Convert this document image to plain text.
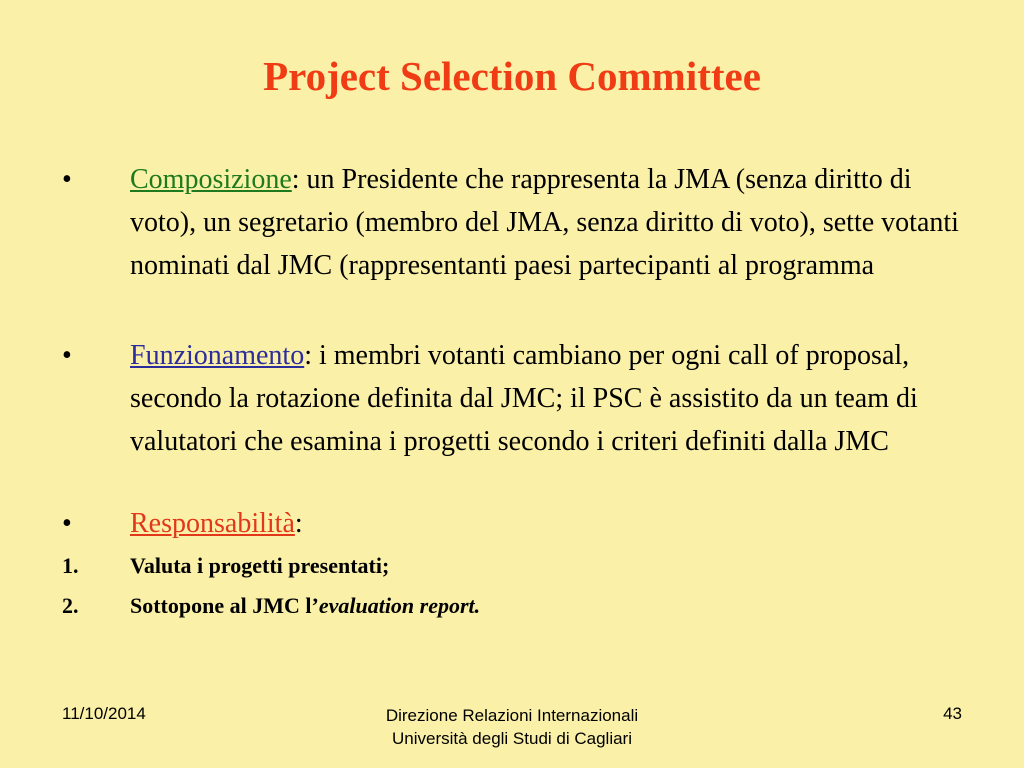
Project Selection Committee
• Composizione: un Presidente che rappresenta la JMA (senza diritto di voto), un segretario (membro del JMA, senza diritto di voto), sette votanti nominati dal JMC (rappresentanti paesi partecipanti al programma
• Funzionamento: i membri votanti cambiano per ogni call of proposal, secondo la rotazione definita dal JMC; il PSC è assistito da un team di valutatori che esamina i progetti secondo i criteri definiti dalla JMC
• Responsabilità:
1. Valuta i progetti presentati;
2. Sottopone al JMC l’evaluation report.
11/10/2014	Direzione Relazioni Internazionali
Università degli Studi di Cagliari
43
